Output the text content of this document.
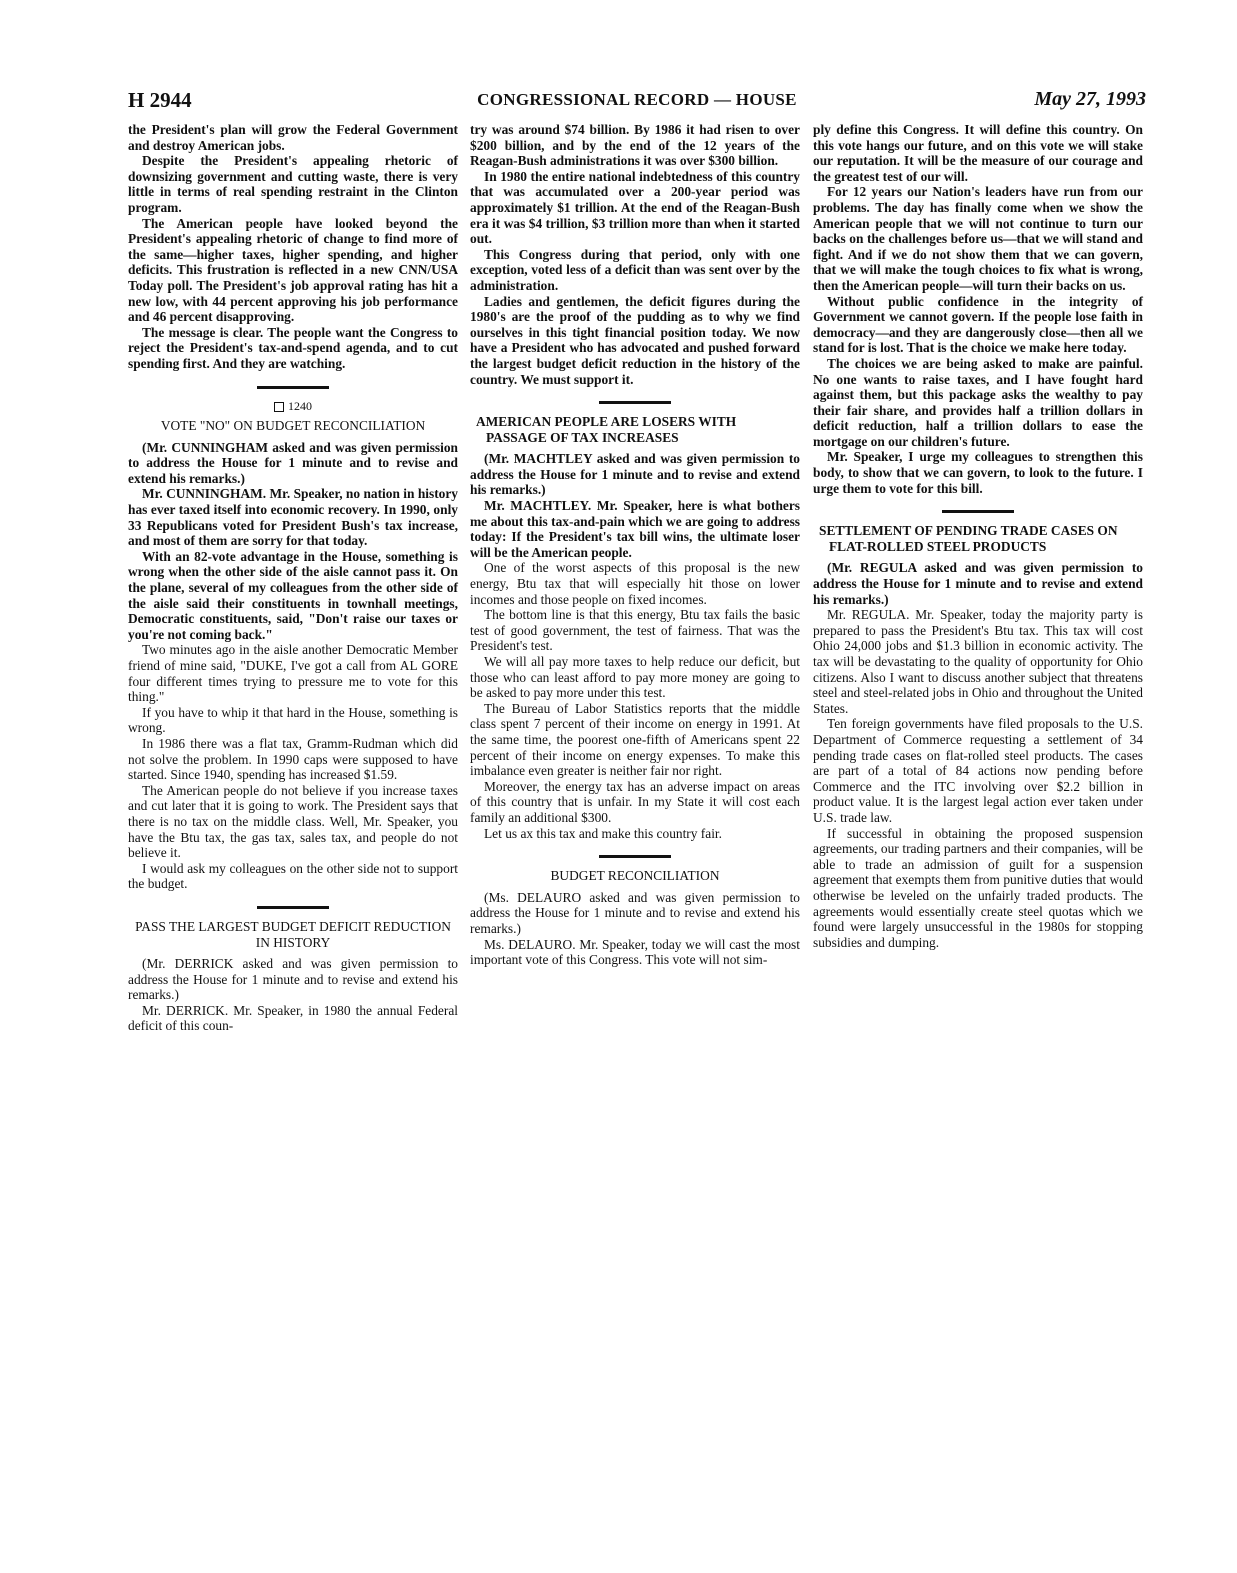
H 2944	CONGRESSIONAL RECORD — HOUSE	May 27, 1993

the President's plan will grow the Federal Government and destroy American jobs.

Despite the President's appealing rhetoric of downsizing government and cutting waste, there is very little in terms of real spending restraint in the Clinton program.

The American people have looked beyond the President's appealing rhetoric of change to find more of the same—higher taxes, higher spending, and higher deficits. This frustration is reflected in a new CNN/USA Today poll. The President's job approval rating has hit a new low, with 44 percent approving his job performance and 46 percent disapproving.

The message is clear. The people want the Congress to reject the President's tax-and-spend agenda, and to cut spending first. And they are watching.

1240
VOTE "NO" ON BUDGET RECONCILIATION

(Mr. CUNNINGHAM asked and was given permission to address the House for 1 minute and to revise and extend his remarks.)

Mr. CUNNINGHAM. Mr. Speaker, no nation in history has ever taxed itself into economic recovery. In 1990, only 33 Republicans voted for President Bush's tax increase, and most of them are sorry for that today.

With an 82-vote advantage in the House, something is wrong when the other side of the aisle cannot pass it. On the plane, several of my colleagues from the other side of the aisle said their constituents in townhall meetings, Democratic constituents, said, "Don't raise our taxes or you're not coming back."

Two minutes ago in the aisle another Democratic Member friend of mine said, "DUKE, I've got a call from AL GORE four different times trying to pressure me to vote for this thing."

If you have to whip it that hard in the House, something is wrong.

In 1986 there was a flat tax, Gramm-Rudman which did not solve the problem. In 1990 caps were supposed to have started. Since 1940, spending has increased $1.59.

The American people do not believe if you increase taxes and cut later that it is going to work. The President says that there is no tax on the middle class. Well, Mr. Speaker, you have the Btu tax, the gas tax, sales tax, and people do not believe it.

I would ask my colleagues on the other side not to support the budget.

PASS THE LARGEST BUDGET DEFICIT REDUCTION IN HISTORY

(Mr. DERRICK asked and was given permission to address the House for 1 minute and to revise and extend his remarks.)

Mr. DERRICK. Mr. Speaker, in 1980 the annual Federal deficit of this coun-

try was around $74 billion. By 1986 it had risen to over $200 billion, and by the end of the 12 years of the Reagan-Bush administrations it was over $300 billion.

In 1980 the entire national indebtedness of this country that was accumulated over a 200-year period was approximately $1 trillion. At the end of the Reagan-Bush era it was $4 trillion, $3 trillion more than when it started out.

This Congress during that period, only with one exception, voted less of a deficit than was sent over by the administration.

Ladies and gentlemen, the deficit figures during the 1980's are the proof of the pudding as to why we find ourselves in this tight financial position today. We now have a President who has advocated and pushed forward the largest budget deficit reduction in the history of the country. We must support it.

AMERICAN PEOPLE ARE LOSERS WITH PASSAGE OF TAX INCREASES

(Mr. MACHTLEY asked and was given permission to address the House for 1 minute and to revise and extend his remarks.)

Mr. MACHTLEY. Mr. Speaker, here is what bothers me about this tax-and-pain which we are going to address today: If the President's tax bill wins, the ultimate loser will be the American people.

One of the worst aspects of this proposal is the new energy, Btu tax that will especially hit those on lower incomes and those people on fixed incomes.

The bottom line is that this energy, Btu tax fails the basic test of good government, the test of fairness. That was the President's test.

We will all pay more taxes to help reduce our deficit, but those who can least afford to pay more money are going to be asked to pay more under this test.

The Bureau of Labor Statistics reports that the middle class spent 7 percent of their income on energy in 1991. At the same time, the poorest one-fifth of Americans spent 22 percent of their income on energy expenses. To make this imbalance even greater is neither fair nor right.

Moreover, the energy tax has an adverse impact on areas of this country that is unfair. In my State it will cost each family an additional $300.

Let us ax this tax and make this country fair.

BUDGET RECONCILIATION

(Ms. DELAURO asked and was given permission to address the House for 1 minute and to revise and extend his remarks.)

Ms. DELAURO. Mr. Speaker, today we will cast the most important vote of this Congress. This vote will not sim-

ply define this Congress. It will define this country. On this vote hangs our future, and on this vote we will stake our reputation. It will be the measure of our courage and the greatest test of our will.

For 12 years our Nation's leaders have run from our problems. The day has finally come when we show the American people that we will not continue to turn our backs on the challenges before us—that we will stand and fight. And if we do not show them that we can govern, that we will make the tough choices to fix what is wrong, then the American people—will turn their backs on us.

Without public confidence in the integrity of Government we cannot govern. If the people lose faith in democracy—and they are dangerously close—then all we stand for is lost. That is the choice we make here today.

The choices we are being asked to make are painful. No one wants to raise taxes, and I have fought hard against them, but this package asks the wealthy to pay their fair share, and provides half a trillion dollars in deficit reduction, half a trillion dollars to ease the mortgage on our children's future.

Mr. Speaker, I urge my colleagues to strengthen this body, to show that we can govern, to look to the future. I urge them to vote for this bill.

SETTLEMENT OF PENDING TRADE CASES ON FLAT-ROLLED STEEL PRODUCTS

(Mr. REGULA asked and was given permission to address the House for 1 minute and to revise and extend his remarks.)

Mr. REGULA. Mr. Speaker, today the majority party is prepared to pass the President's Btu tax. This tax will cost Ohio 24,000 jobs and $1.3 billion in economic activity. The tax will be devastating to the quality of opportunity for Ohio citizens. Also I want to discuss another subject that threatens steel and steel-related jobs in Ohio and throughout the United States.

Ten foreign governments have filed proposals to the U.S. Department of Commerce requesting a settlement of 34 pending trade cases on flat-rolled steel products. The cases are part of a total of 84 actions now pending before Commerce and the ITC involving over $2.2 billion in product value. It is the largest legal action ever taken under U.S. trade law.

If successful in obtaining the proposed suspension agreements, our trading partners and their companies, will be able to trade an admission of guilt for a suspension agreement that exempts them from punitive duties that would otherwise be leveled on the unfairly traded products. The agreements would essentially create steel quotas which we found were largely unsuccessful in the 1980s for stopping subsidies and dumping.
